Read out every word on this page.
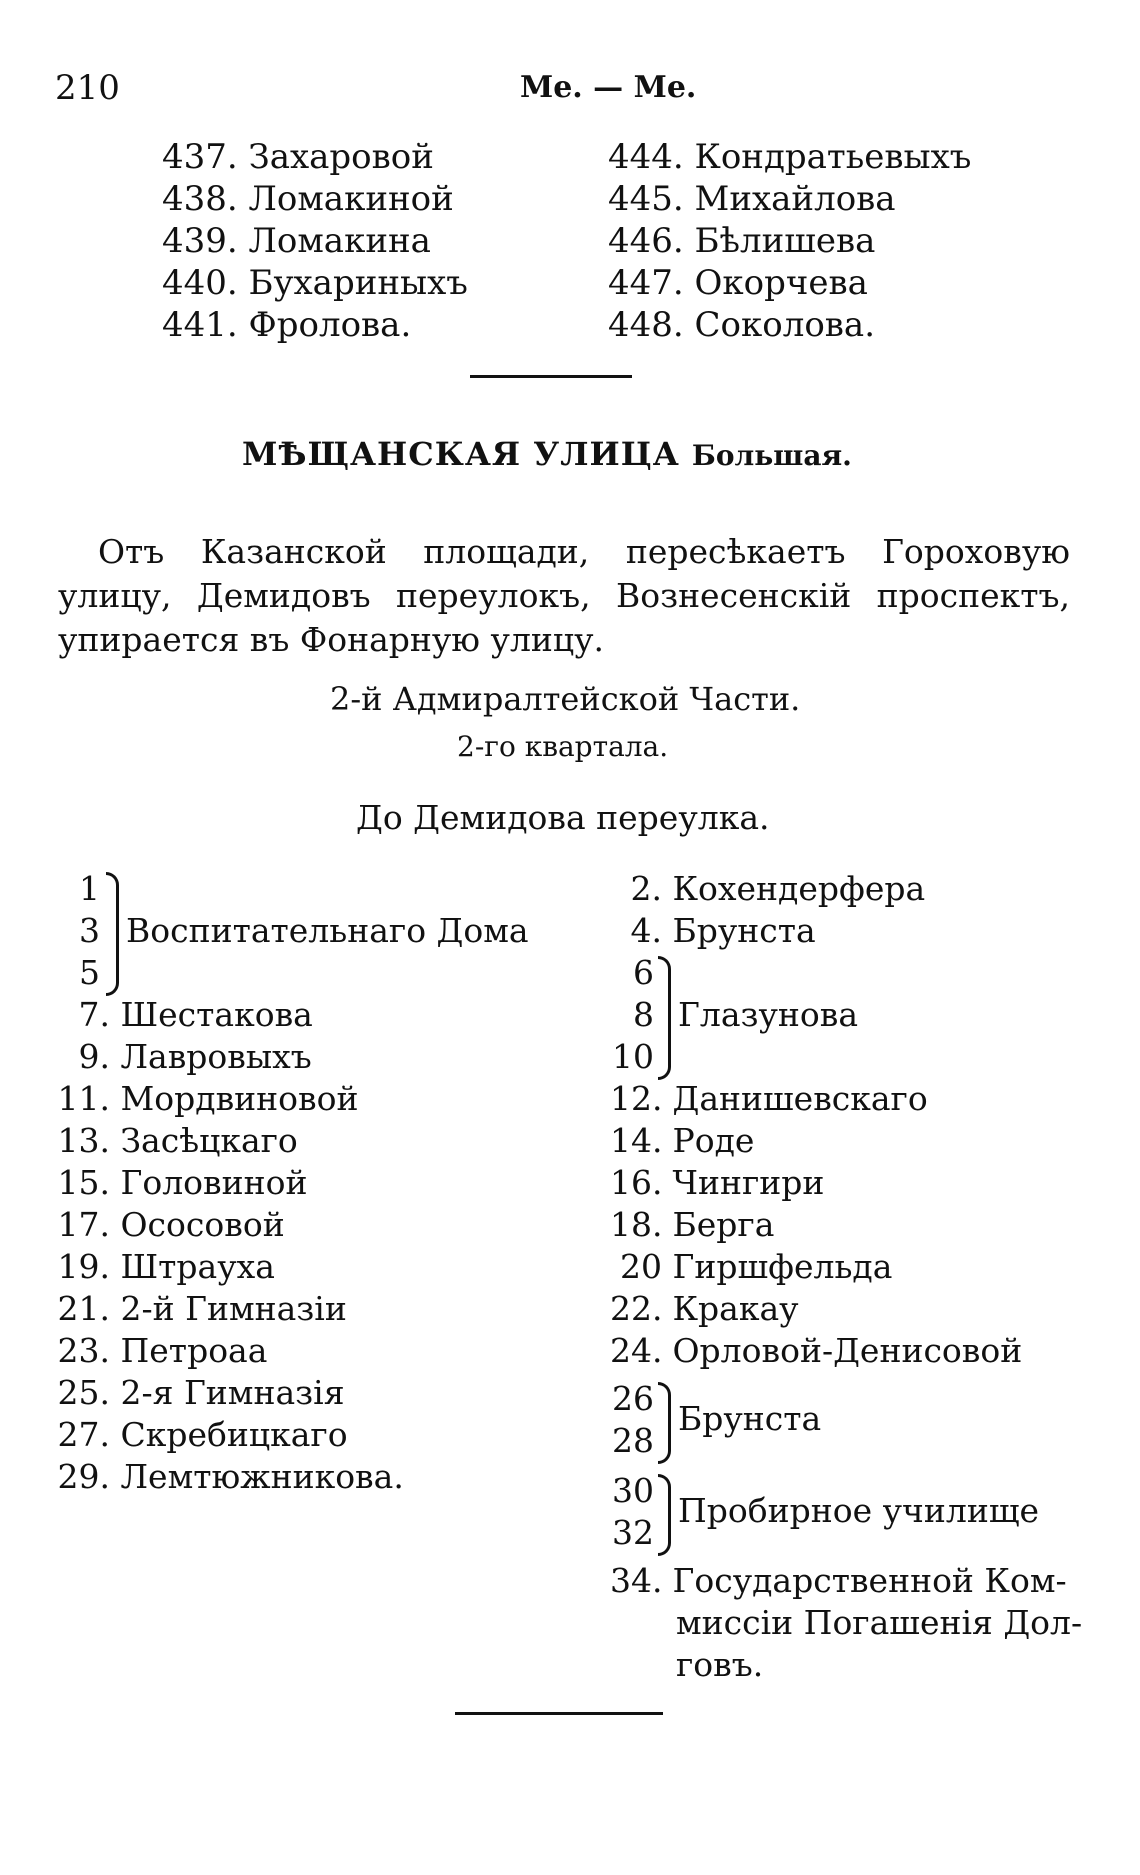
210	Ме. — Ме.
437. Захаровой
438. Ломакиной
439. Ломакина
440. Бухариныхъ
441. Фролова.
444. Кондратьевыхъ
445. Михайлова
446. Бѣлишева
447. Окорчева
448. Соколова.
МѢЩАНСКАЯ УЛИЦА Большая.
Отъ Казанской площади, пересѣкаетъ Гороховую улицу, Демидовъ переулокъ, Вознесенскій проспектъ, упирается въ Фонарную улицу.
2-й Адмиралтейской Части.
2-го квартала.
До Демидова переулка.
1
3
5
Воспитательнаго Дома
7. Шестакова
9. Лавровыхъ
11. Мордвиновой
13. Засѣцкаго
15. Головиной
17. Ососовой
19. Штрауха
21. 2-й Гимназіи
23. Петроаа
25. 2-я Гимназія
27. Скребицкаго
29. Лемтюжникова.
2. Кохендерфера
4. Брунста
6
8
10
Глазунова
12. Данишевскаго
14. Роде
16. Чингири
18. Берга
20 Гиршфельда
22. Кракау
24. Орловой-Денисовой
26
28
Брунста
30
32
Пробирное училище
34. Государственной Ком-
миссіи Погашенія Дол-
говъ.
